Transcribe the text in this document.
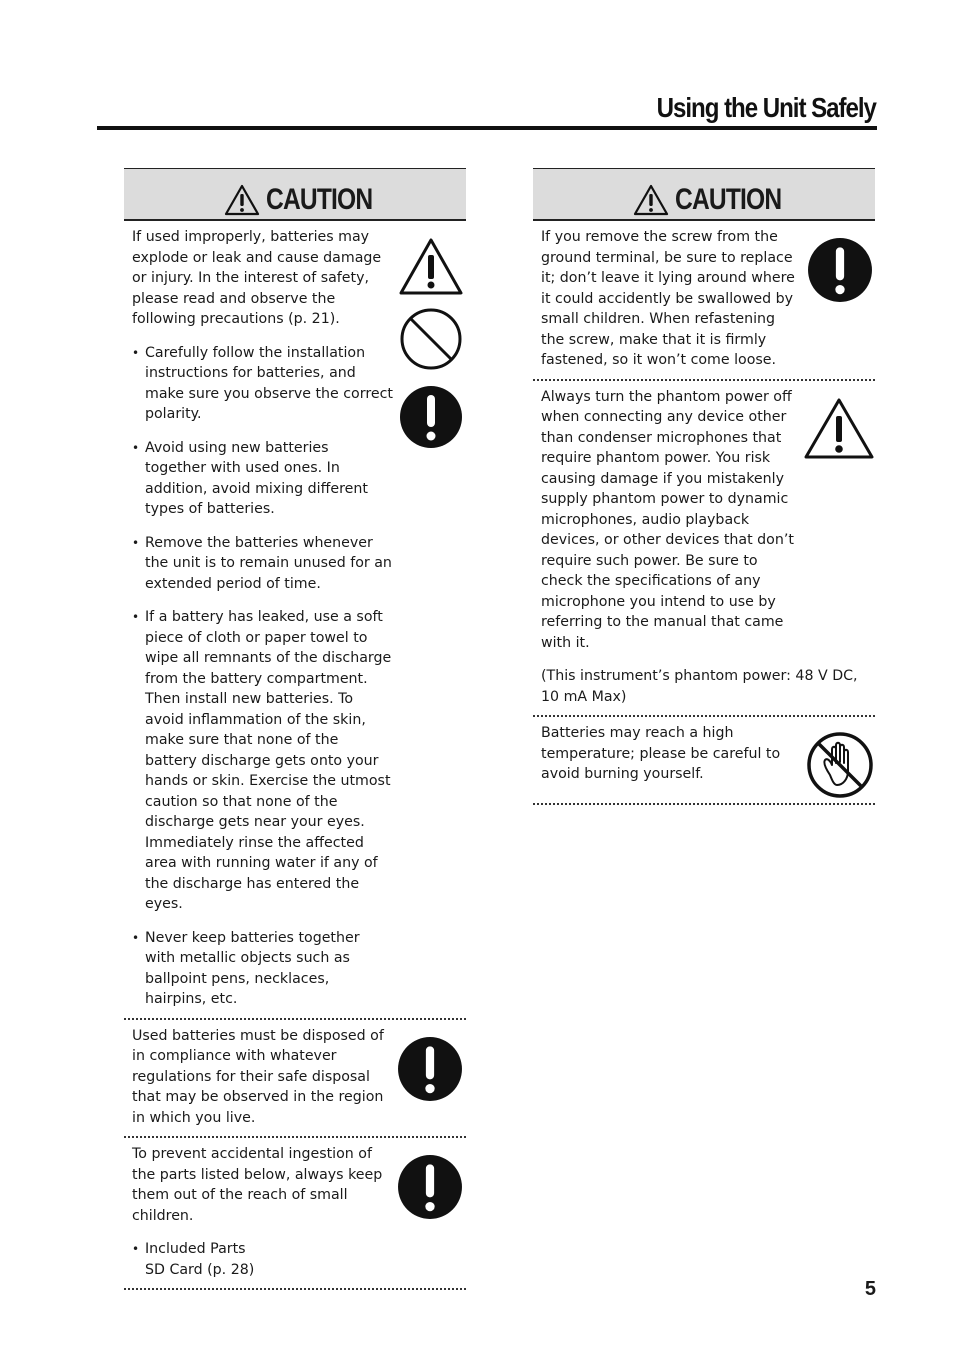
Using the Unit Safely
CAUTION

If used improperly, batteries may explode or leak and cause damage or injury. In the interest of safety, please read and observe the following precautions (p. 21).

• Carefully follow the installation instructions for batteries, and make sure you observe the correct polarity.
• Avoid using new batteries together with used ones. In addition, avoid mixing different types of batteries.
• Remove the batteries whenever the unit is to remain unused for an extended period of time.
• If a battery has leaked, use a soft piece of cloth or paper towel to wipe all remnants of the discharge from the battery compartment. Then install new batteries. To avoid inflammation of the skin, make sure that none of the battery discharge gets onto your hands or skin. Exercise the utmost caution so that none of the discharge gets near your eyes. Immediately rinse the affected area with running water if any of the discharge has entered the eyes.
• Never keep batteries together with metallic objects such as ballpoint pens, necklaces, hairpins, etc.

Used batteries must be disposed of in compliance with whatever regulations for their safe disposal that may be observed in the region in which you live.

To prevent accidental ingestion of the parts listed below, always keep them out of the reach of small children.

• Included Parts
SD Card (p. 28)
CAUTION

If you remove the screw from the ground terminal, be sure to replace it; don’t leave it lying around where it could accidently be swallowed by small children. When refastening the screw, make that it is firmly fastened, so it won’t come loose.

Always turn the phantom power off when connecting any device other than condenser microphones that require phantom power. You risk causing damage if you mistakenly supply phantom power to dynamic microphones, audio playback devices, or other devices that don’t require such power. Be sure to check the specifications of any microphone you intend to use by referring to the manual that came with it.

(This instrument’s phantom power: 48 V DC, 10 mA Max)

Batteries may reach a high temperature; please be careful to avoid burning yourself.

5
